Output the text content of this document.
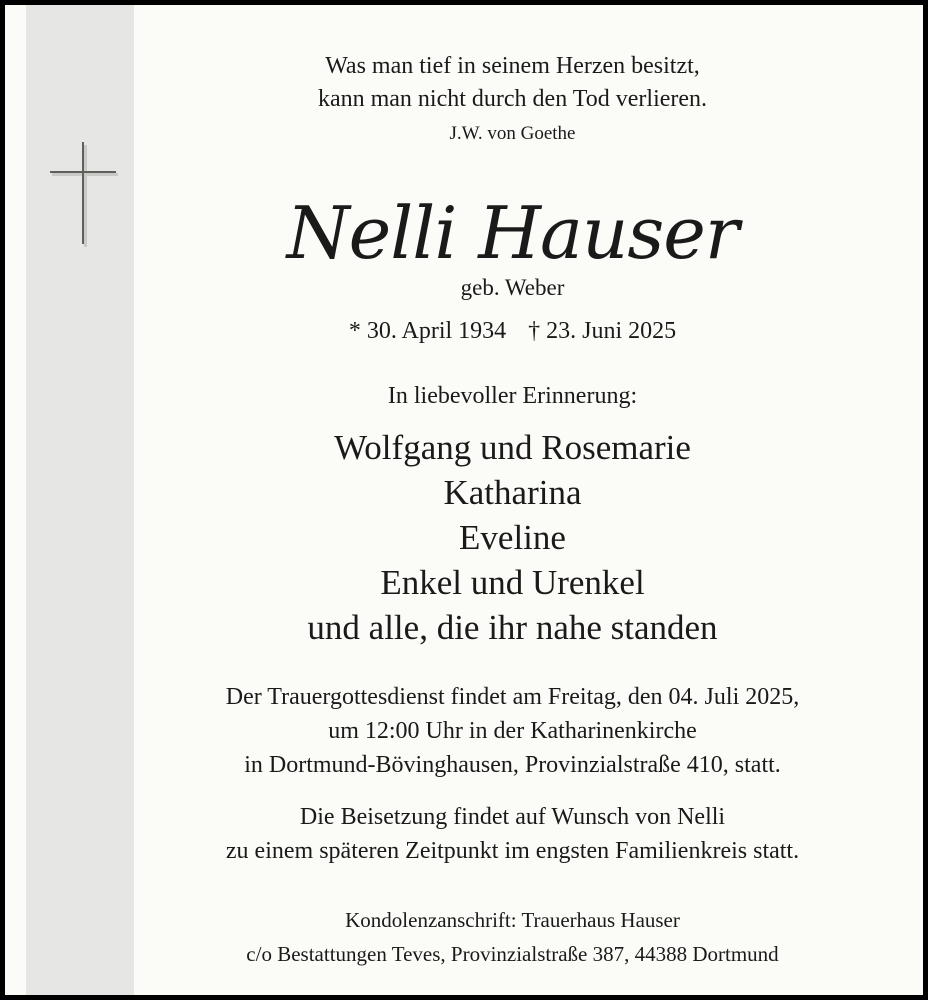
Was man tief in seinem Herzen besitzt,
kann man nicht durch den Tod verlieren.
J.W. von Goethe
Nelli Hauser
geb. Weber
* 30. April 1934 † 23. Juni 2025
In liebevoller Erinnerung:
Wolfgang und Rosemarie
Katharina
Eveline
Enkel und Urenkel
und alle, die ihr nahe standen
Der Trauergottesdienst findet am Freitag, den 04. Juli 2025,
um 12:00 Uhr in der Katharinenkirche
in Dortmund-Bövinghausen, Provinzialstraße 410, statt.
Die Beisetzung findet auf Wunsch von Nelli
zu einem späteren Zeitpunkt im engsten Familienkreis statt.
Kondolenzanschrift: Trauerhaus Hauser
c/o Bestattungen Teves, Provinzialstraße 387, 44388 Dortmund
